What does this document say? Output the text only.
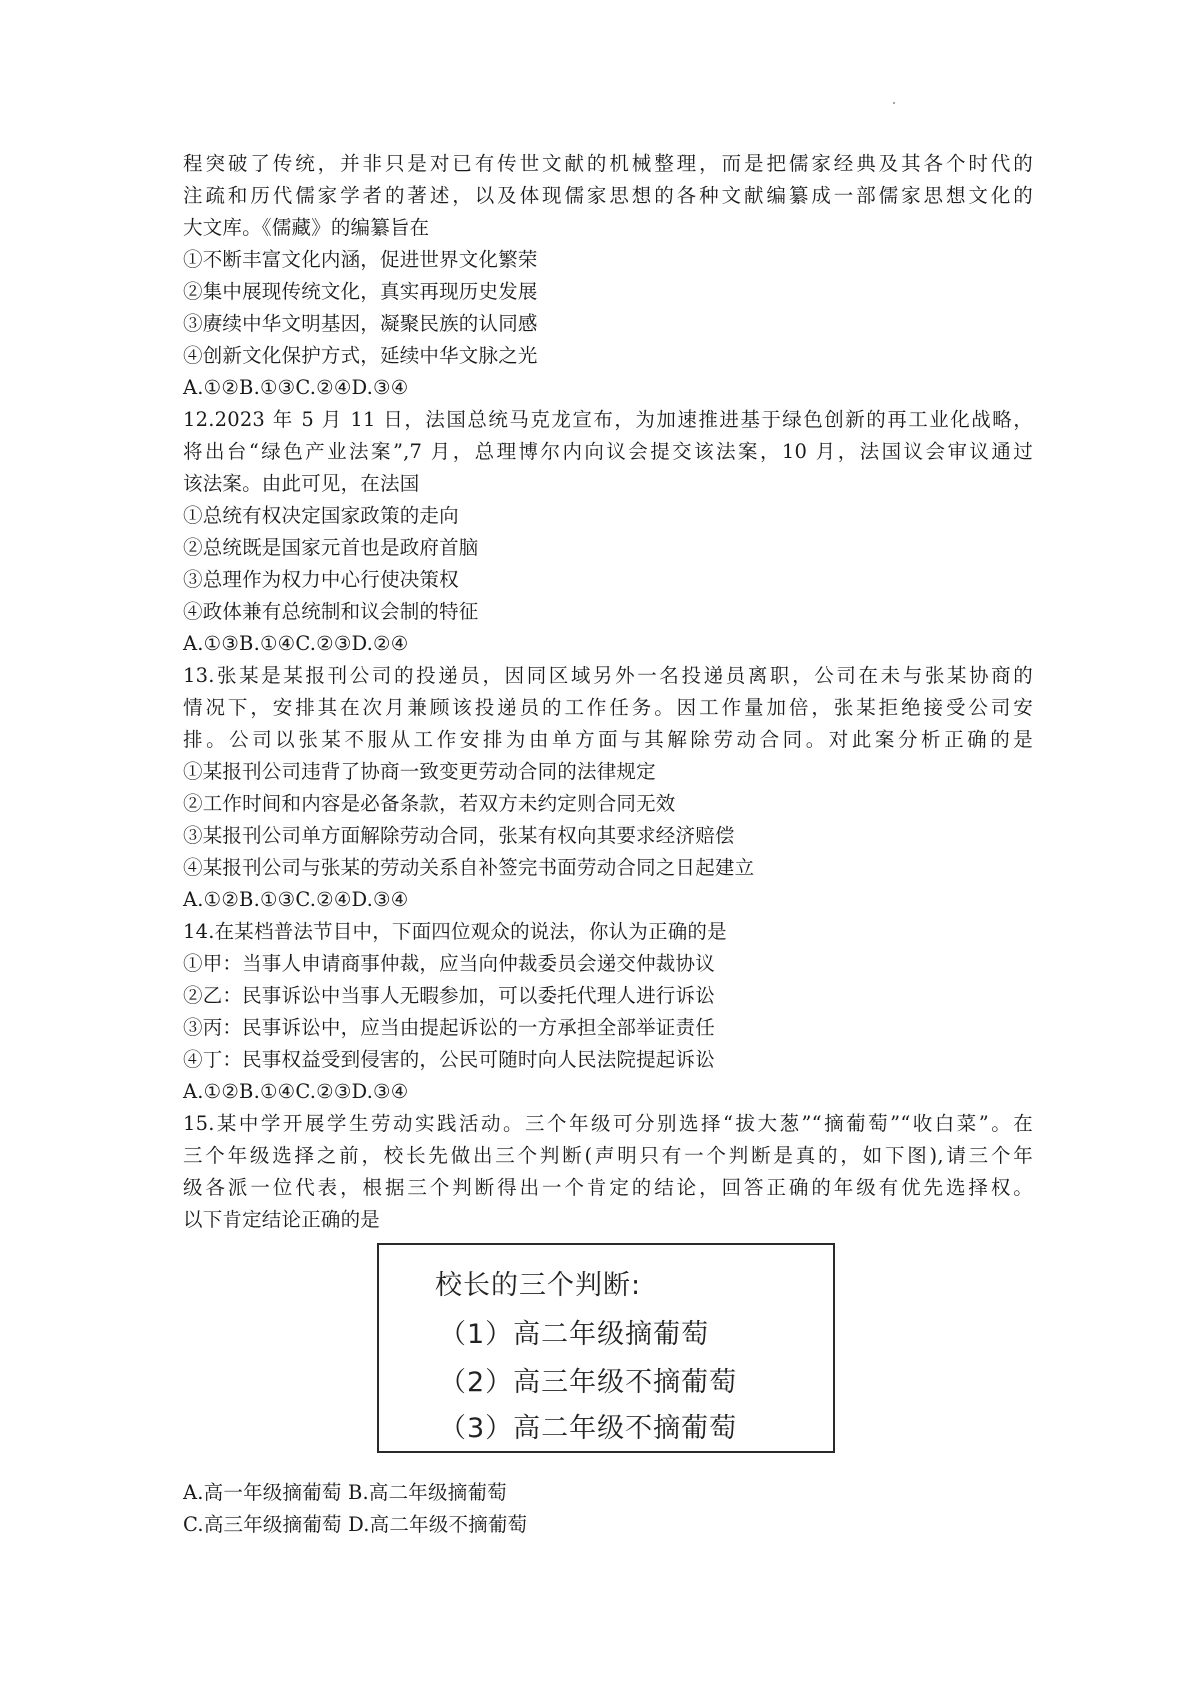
程突破了传统，并非只是对已有传世文献的机械整理，而是把儒家经典及其各个时代的
注疏和历代儒家学者的著述，以及体现儒家思想的各种文献编纂成一部儒家思想文化的
大文库。《儒藏》的编纂旨在
①不断丰富文化内涵，促进世界文化繁荣
②集中展现传统文化，真实再现历史发展
③赓续中华文明基因，凝聚民族的认同感
④创新文化保护方式，延续中华文脉之光
A.①②B.①③C.②④D.③④
12.2023 年 5 月 11 日，法国总统马克龙宣布，为加速推进基于绿色创新的再工业化战略，
将出台“绿色产业法案”,7 月，总理博尔内向议会提交该法案，10 月，法国议会审议通过
该法案。由此可见，在法国
①总统有权决定国家政策的走向
②总统既是国家元首也是政府首脑
③总理作为权力中心行使决策权
④政体兼有总统制和议会制的特征
A.①③B.①④C.②③D.②④
13.张某是某报刊公司的投递员，因同区域另外一名投递员离职，公司在未与张某协商的
情况下，安排其在次月兼顾该投递员的工作任务。因工作量加倍，张某拒绝接受公司安
排。公司以张某不服从工作安排为由单方面与其解除劳动合同。对此案分析正确的是
①某报刊公司违背了协商一致变更劳动合同的法律规定
②工作时间和内容是必备条款，若双方未约定则合同无效
③某报刊公司单方面解除劳动合同，张某有权向其要求经济赔偿
④某报刊公司与张某的劳动关系自补签完书面劳动合同之日起建立
A.①②B.①③C.②④D.③④
14.在某档普法节目中，下面四位观众的说法，你认为正确的是
①甲：当事人申请商事仲裁，应当向仲裁委员会递交仲裁协议
②乙：民事诉讼中当事人无暇参加，可以委托代理人进行诉讼
③丙：民事诉讼中，应当由提起诉讼的一方承担全部举证责任
④丁：民事权益受到侵害的，公民可随时向人民法院提起诉讼
A.①②B.①④C.②③D.③④
15.某中学开展学生劳动实践活动。三个年级可分别选择“拔大葱”“摘葡萄”“收白菜”。在
三个年级选择之前，校长先做出三个判断(声明只有一个判断是真的，如下图),请三个年
级各派一位代表，根据三个判断得出一个肯定的结论，回答正确的年级有优先选择权。
以下肯定结论正确的是
校长的三个判断:
（1）高二年级摘葡萄
（2）高三年级不摘葡萄
（3）高二年级不摘葡萄
A.高一年级摘葡萄 B.高二年级摘葡萄
C.高三年级摘葡萄 D.高二年级不摘葡萄
